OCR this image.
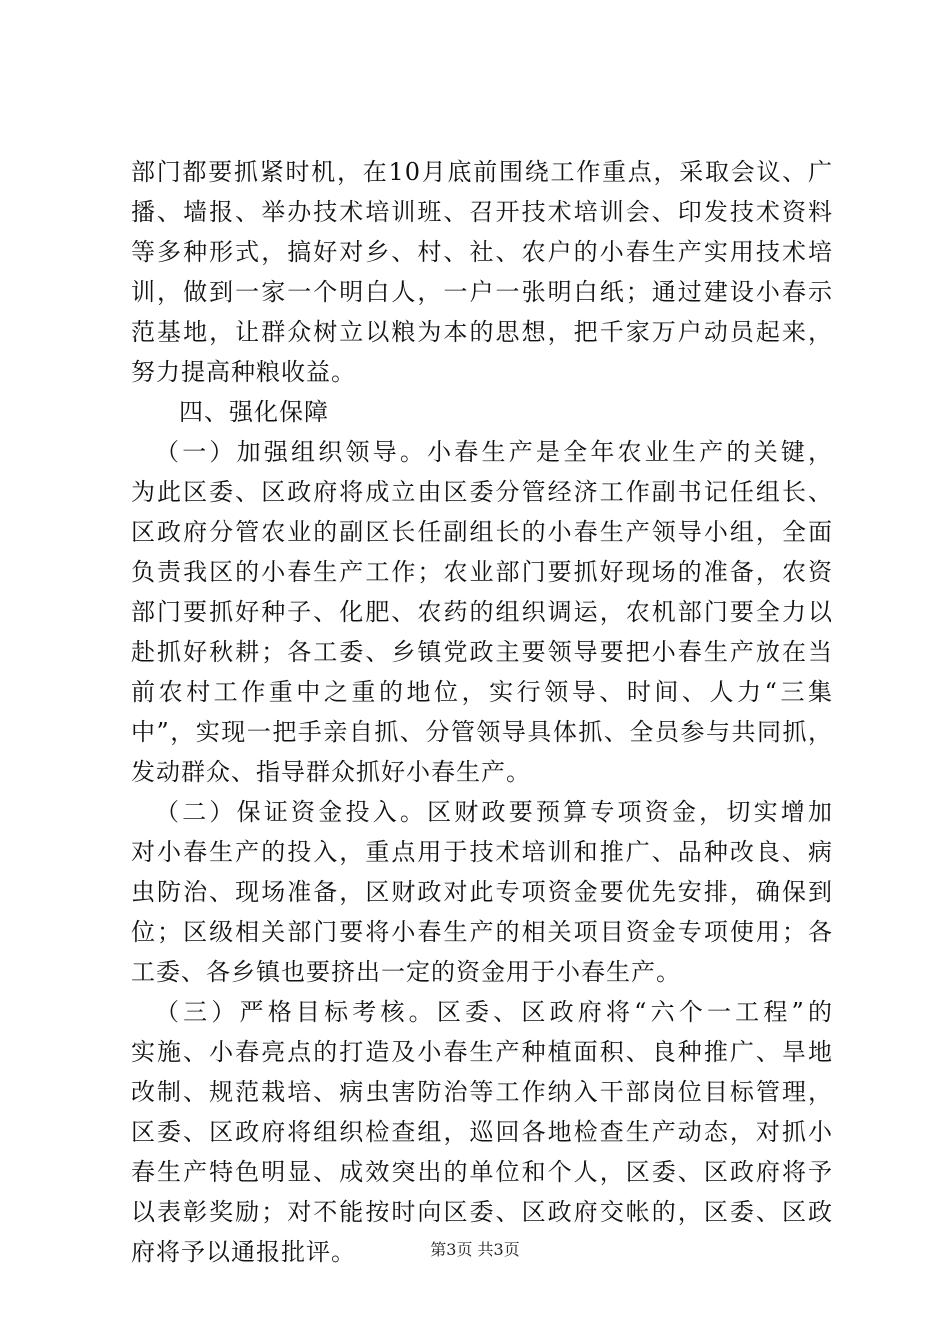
部门都要抓紧时机，在10月底前围绕工作重点，采取会议、广
播、墙报、举办技术培训班、召开技术培训会、印发技术资料
等多种形式，搞好对乡、村、社、农户的小春生产实用技术培
训，做到一家一个明白人，一户一张明白纸；通过建设小春示
范基地，让群众树立以粮为本的思想，把千家万户动员起来，
努力提高种粮收益。
四、强化保障
（一）加强组织领导。小春生产是全年农业生产的关键，
为此区委、区政府将成立由区委分管经济工作副书记任组长、
区政府分管农业的副区长任副组长的小春生产领导小组，全面
负责我区的小春生产工作；农业部门要抓好现场的准备，农资
部门要抓好种子、化肥、农药的组织调运，农机部门要全力以
赴抓好秋耕；各工委、乡镇党政主要领导要把小春生产放在当
前农村工作重中之重的地位，实行领导、时间、人力“三集
中”，实现一把手亲自抓、分管领导具体抓、全员参与共同抓，
发动群众、指导群众抓好小春生产。
（二）保证资金投入。区财政要预算专项资金，切实增加
对小春生产的投入，重点用于技术培训和推广、品种改良、病
虫防治、现场准备，区财政对此专项资金要优先安排，确保到
位；区级相关部门要将小春生产的相关项目资金专项使用；各
工委、各乡镇也要挤出一定的资金用于小春生产。
（三）严格目标考核。区委、区政府将“六个一工程”的
实施、小春亮点的打造及小春生产种植面积、良种推广、旱地
改制、规范栽培、病虫害防治等工作纳入干部岗位目标管理，
区委、区政府将组织检查组，巡回各地检查生产动态，对抓小
春生产特色明显、成效突出的单位和个人，区委、区政府将予
以表彰奖励；对不能按时向区委、区政府交帐的，区委、区政
府将予以通报批评。	第3页 共3页
